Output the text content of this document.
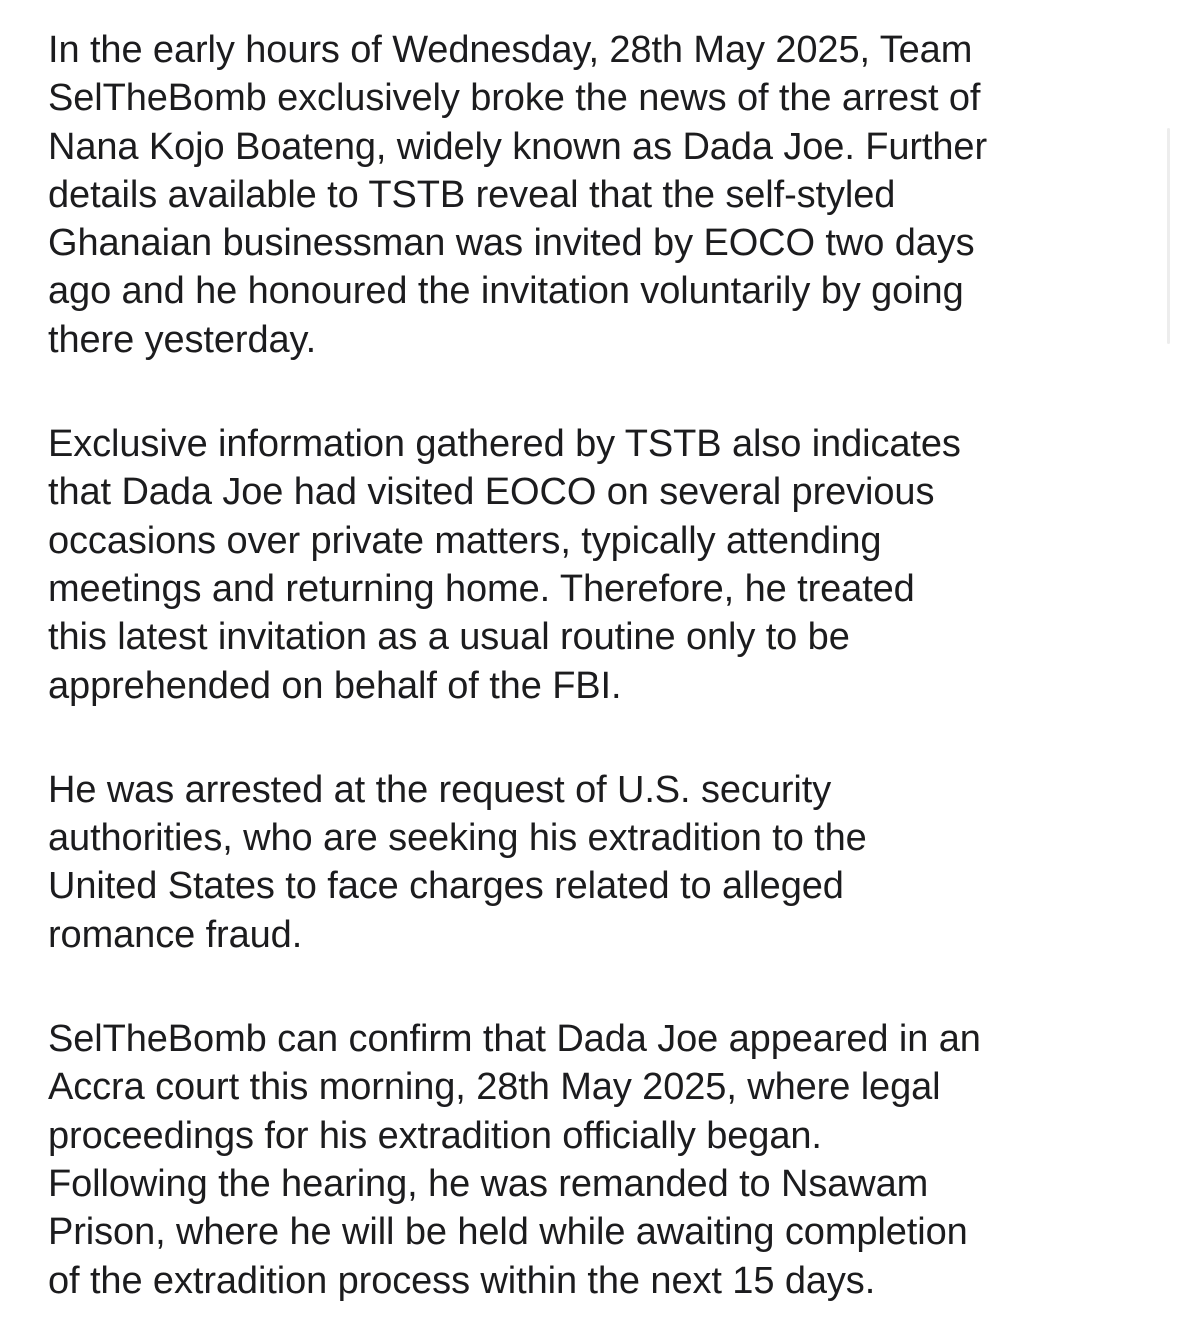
In the early hours of Wednesday, 28th May 2025, Team
SelTheBomb exclusively broke the news of the arrest of
Nana Kojo Boateng, widely known as Dada Joe. Further
details available to TSTB reveal that the self-styled
Ghanaian businessman was invited by EOCO two days
ago and he honoured the invitation voluntarily by going
there yesterday.

Exclusive information gathered by TSTB also indicates
that Dada Joe had visited EOCO on several previous
occasions over private matters, typically attending
meetings and returning home. Therefore, he treated
this latest invitation as a usual routine only to be
apprehended on behalf of the FBI.

He was arrested at the request of U.S. security
authorities, who are seeking his extradition to the
United States to face charges related to alleged
romance fraud.

SelTheBomb can confirm that Dada Joe appeared in an
Accra court this morning, 28th May 2025, where legal
proceedings for his extradition officially began.
Following the hearing, he was remanded to Nsawam
Prison, where he will be held while awaiting completion
of the extradition process within the next 15 days.
